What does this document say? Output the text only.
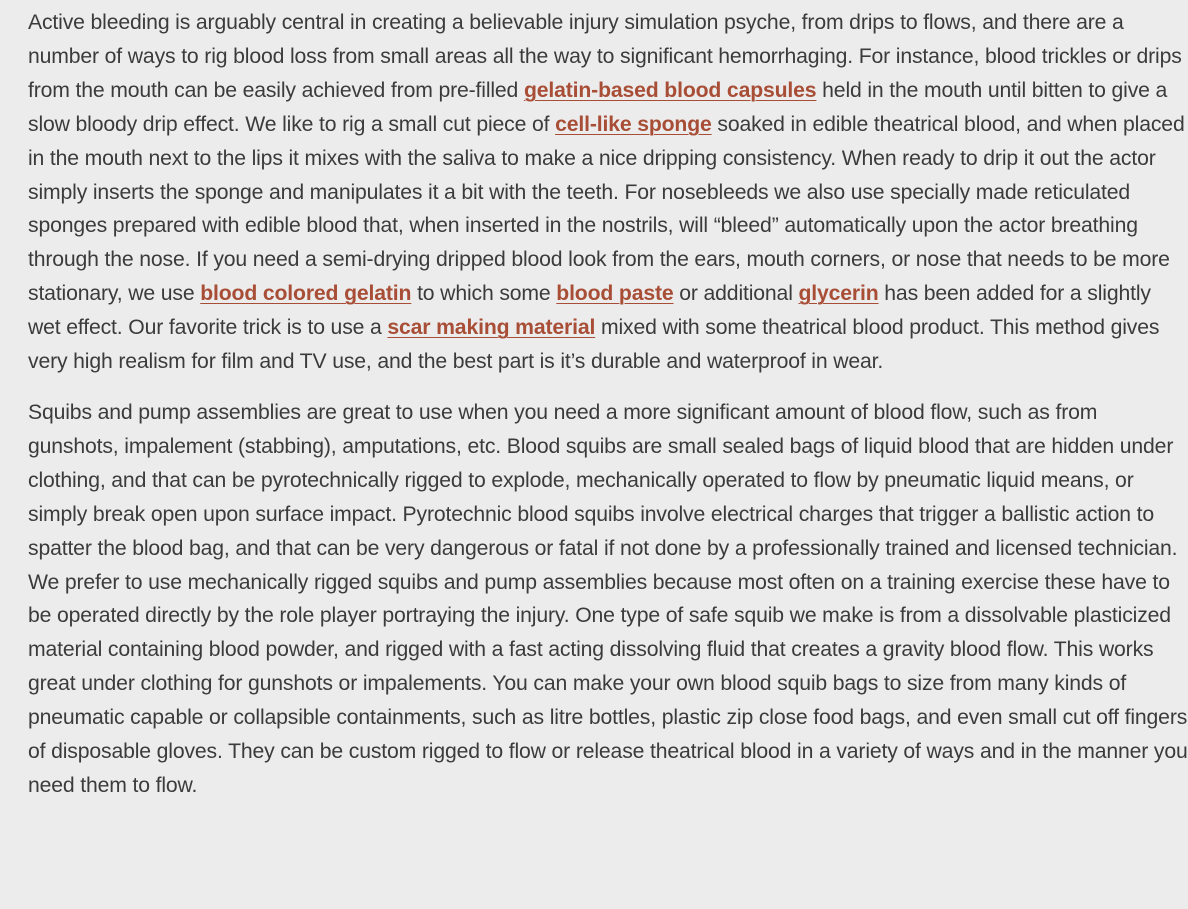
Active bleeding is arguably central in creating a believable injury simulation psyche, from drips to flows, and there are a number of ways to rig blood loss from small areas all the way to significant hemorrhaging. For instance, blood trickles or drips from the mouth can be easily achieved from pre-filled gelatin-based blood capsules held in the mouth until bitten to give a slow bloody drip effect. We like to rig a small cut piece of cell-like sponge soaked in edible theatrical blood, and when placed in the mouth next to the lips it mixes with the saliva to make a nice dripping consistency. When ready to drip it out the actor simply inserts the sponge and manipulates it a bit with the teeth. For nosebleeds we also use specially made reticulated sponges prepared with edible blood that, when inserted in the nostrils, will “bleed” automatically upon the actor breathing through the nose. If you need a semi-drying dripped blood look from the ears, mouth corners, or nose that needs to be more stationary, we use blood colored gelatin to which some blood paste or additional glycerin has been added for a slightly wet effect. Our favorite trick is to use a scar making material mixed with some theatrical blood product. This method gives very high realism for film and TV use, and the best part is it’s durable and waterproof in wear.

Squibs and pump assemblies are great to use when you need a more significant amount of blood flow, such as from gunshots, impalement (stabbing), amputations, etc. Blood squibs are small sealed bags of liquid blood that are hidden under clothing, and that can be pyrotechnically rigged to explode, mechanically operated to flow by pneumatic liquid means, or simply break open upon surface impact. Pyrotechnic blood squibs involve electrical charges that trigger a ballistic action to spatter the blood bag, and that can be very dangerous or fatal if not done by a professionally trained and licensed technician. We prefer to use mechanically rigged squibs and pump assemblies because most often on a training exercise these have to be operated directly by the role player portraying the injury. One type of safe squib we make is from a dissolvable plasticized material containing blood powder, and rigged with a fast acting dissolving fluid that creates a gravity blood flow. This works great under clothing for gunshots or impalements. You can make your own blood squib bags to size from many kinds of pneumatic capable or collapsible containments, such as litre bottles, plastic zip close food bags, and even small cut off fingers of disposable gloves. They can be custom rigged to flow or release theatrical blood in a variety of ways and in the manner you need them to flow.
